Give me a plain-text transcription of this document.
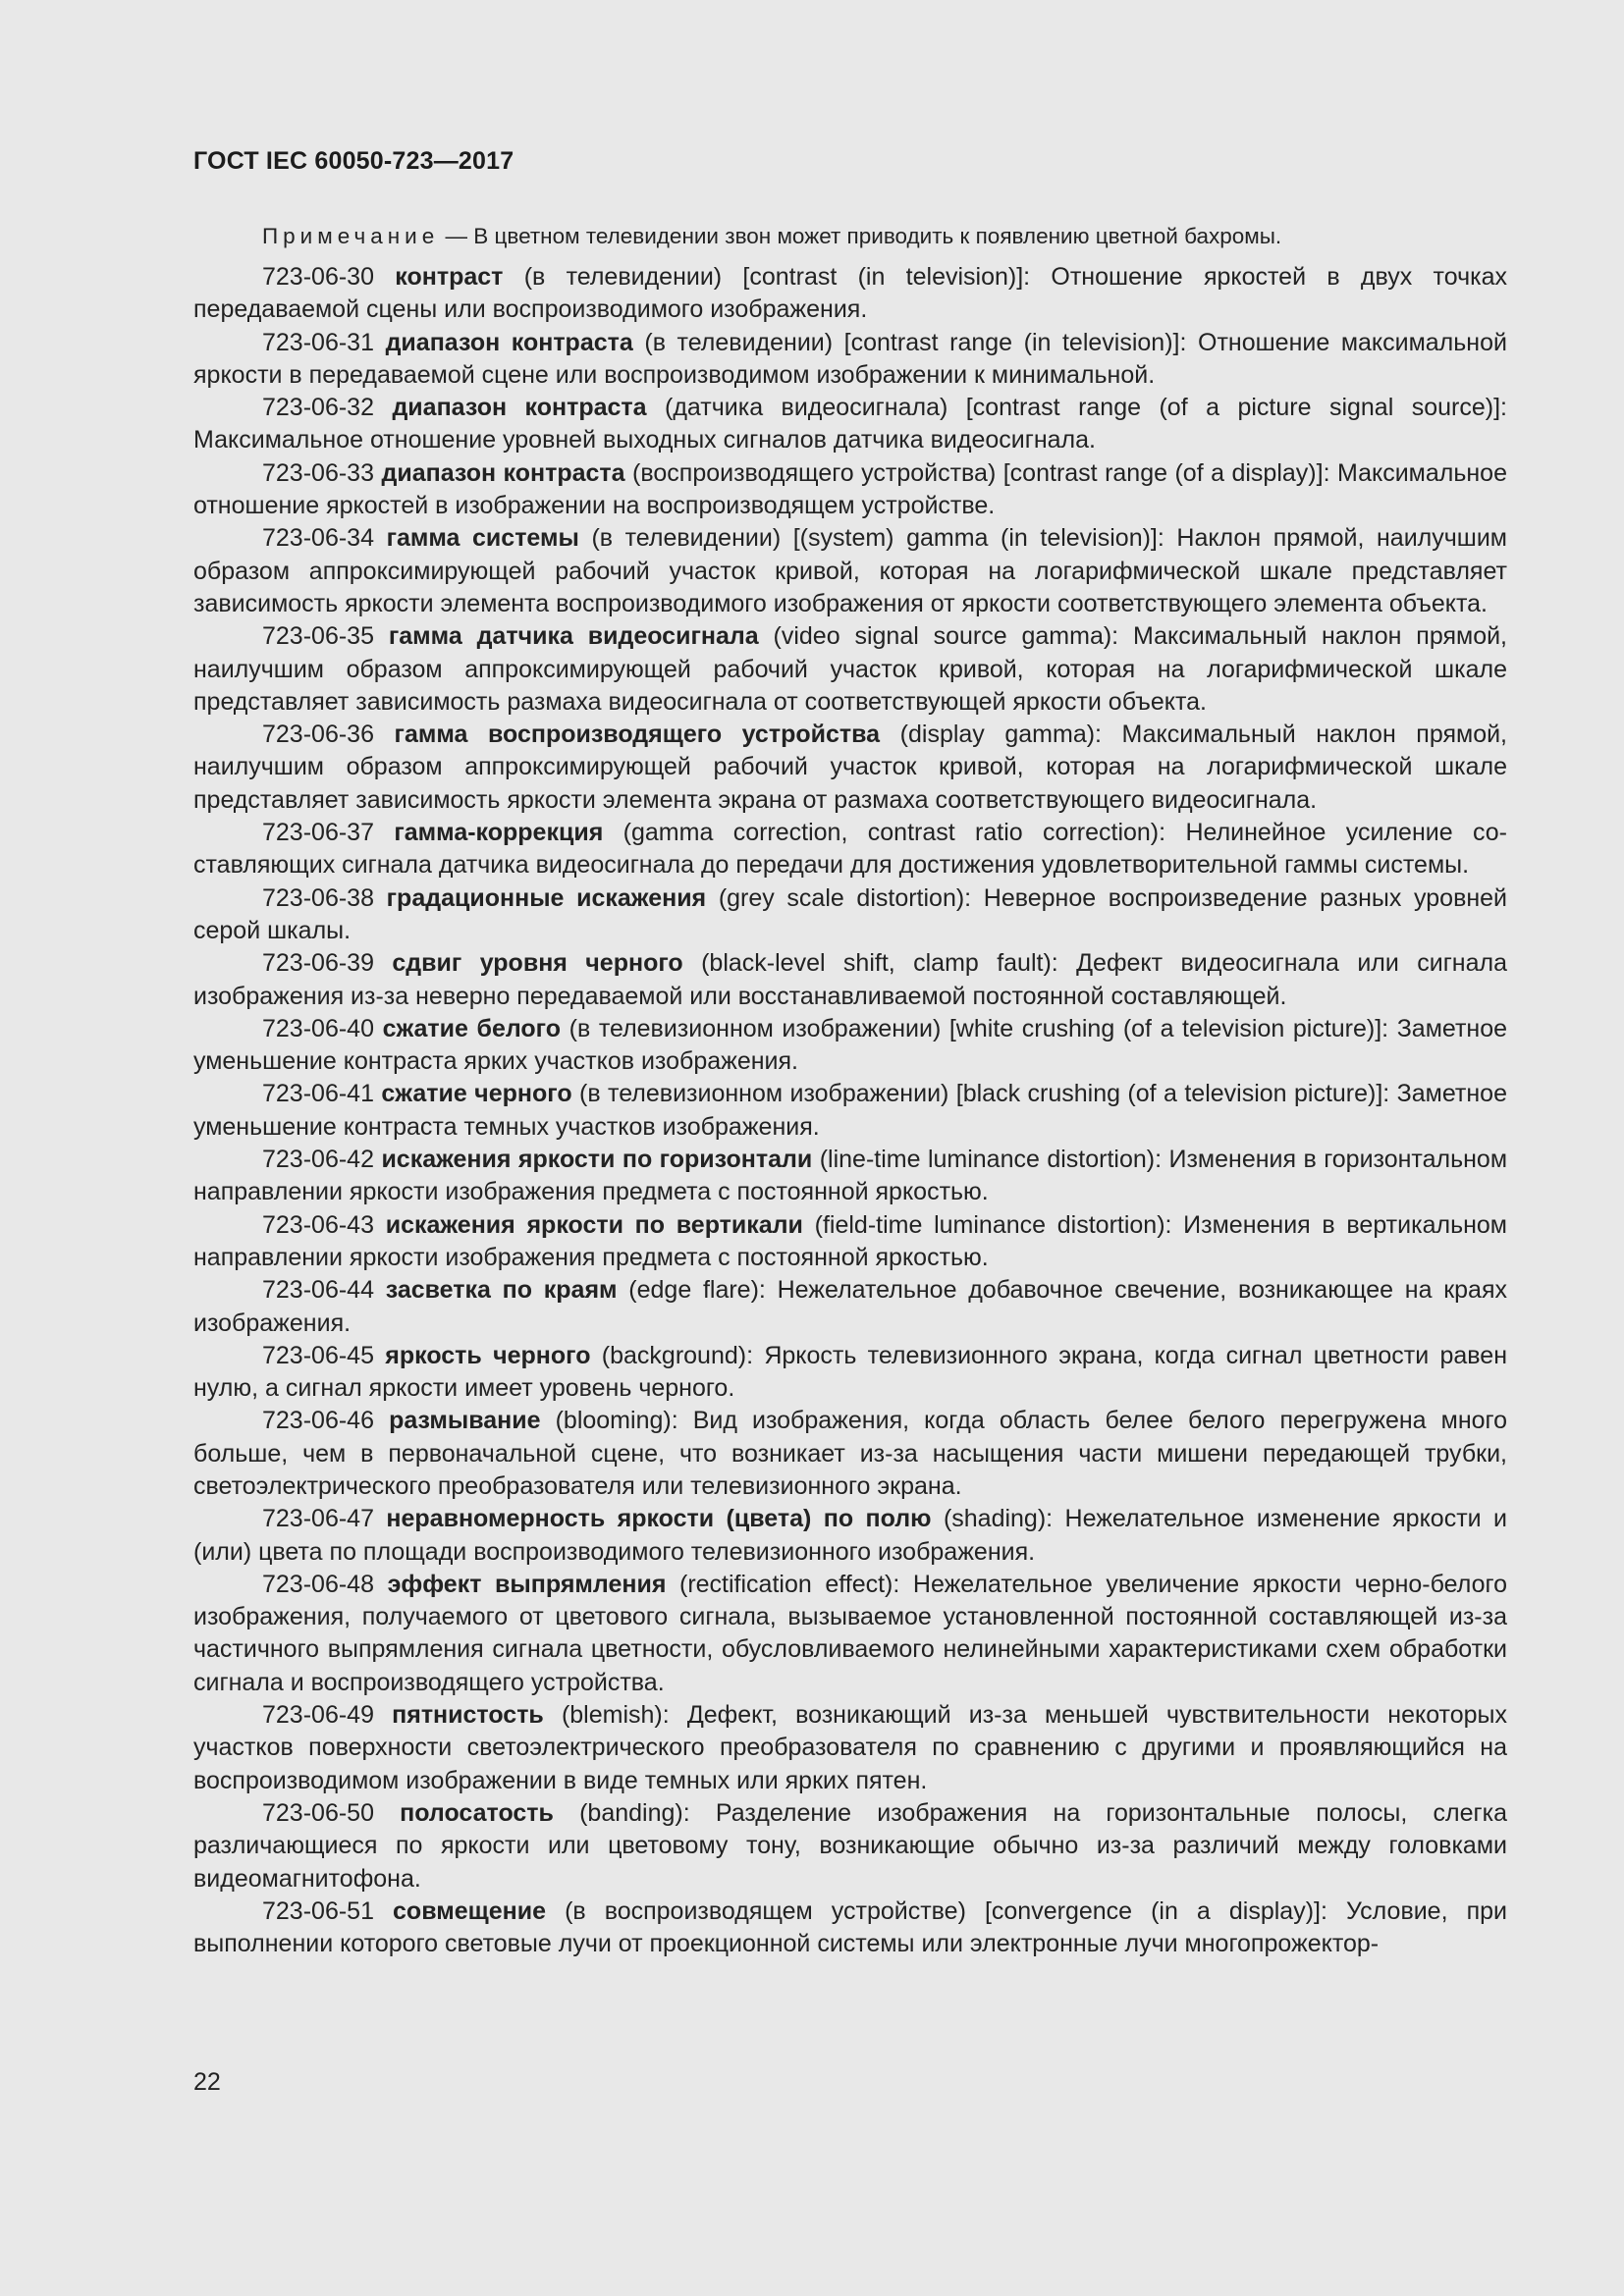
ГОСТ IEC 60050-723—2017

Примечание — В цветном телевидении звон может приводить к появлению цветной бахромы.

723-06-30 контраст (в телевидении) [contrast (in television)]: Отношение яркостей в двух точках передаваемой сцены или воспроизводимого изображения.

723-06-31 диапазон контраста (в телевидении) [contrast range (in television)]: Отношение максимальной яркости в передаваемой сцене или воспроизводимом изображении к минимальной.

723-06-32 диапазон контраста (датчика видеосигнала) [contrast range (of a picture signal source)]: Максимальное отношение уровней выходных сигналов датчика видеосигнала.

723-06-33 диапазон контраста (воспроизводящего устройства) [contrast range (of a display)]: Максимальное отношение яркостей в изображении на воспроизводящем устройстве.

723-06-34 гамма системы (в телевидении) [(system) gamma (in television)]: Наклон прямой, наилучшим образом аппроксимирующей рабочий участок кривой, которая на логарифмической шкале представляет зависимость яркости элемента воспроизводимого изображения от яркости соответствующего элемента объекта.

723-06-35 гамма датчика видеосигнала (video signal source gamma): Максимальный наклон прямой, наилучшим образом аппроксимирующей рабочий участок кривой, которая на логарифмической шкале представляет зависимость размаха видеосигнала от соответствующей яркости объекта.

723-06-36 гамма воспроизводящего устройства (display gamma): Максимальный наклон прямой, наилучшим образом аппроксимирующей рабочий участок кривой, которая на логарифмической шкале представляет зависимость яркости элемента экрана от размаха соответствующего видеосигнала.

723-06-37 гамма-коррекция (gamma correction, contrast ratio correction): Нелинейное усиление составляющих сигнала датчика видеосигнала до передачи для достижения удовлетворительной гаммы системы.

723-06-38 градационные искажения (grey scale distortion): Неверное воспроизведение разных уровней серой шкалы.

723-06-39 сдвиг уровня черного (black-level shift, clamp fault): Дефект видеосигнала или сигнала изображения из-за неверно передаваемой или восстанавливаемой постоянной составляющей.

723-06-40 сжатие белого (в телевизионном изображении) [white crushing (of a television picture)]: Заметное уменьшение контраста ярких участков изображения.

723-06-41 сжатие черного (в телевизионном изображении) [black crushing (of a television picture)]: Заметное уменьшение контраста темных участков изображения.

723-06-42 искажения яркости по горизонтали (line-time luminance distortion): Изменения в горизонтальном направлении яркости изображения предмета с постоянной яркостью.

723-06-43 искажения яркости по вертикали (field-time luminance distortion): Изменения в вертикальном направлении яркости изображения предмета с постоянной яркостью.

723-06-44 засветка по краям (edge flare): Нежелательное добавочное свечение, возникающее на краях изображения.

723-06-45 яркость черного (background): Яркость телевизионного экрана, когда сигнал цветности равен нулю, а сигнал яркости имеет уровень черного.

723-06-46 размывание (blooming): Вид изображения, когда область белее белого перегружена много больше, чем в первоначальной сцене, что возникает из-за насыщения части мишени передающей трубки, светоэлектрического преобразователя или телевизионного экрана.

723-06-47 неравномерность яркости (цвета) по полю (shading): Нежелательное изменение яркости и (или) цвета по площади воспроизводимого телевизионного изображения.

723-06-48 эффект выпрямления (rectification effect): Нежелательное увеличение яркости черно-белого изображения, получаемого от цветового сигнала, вызываемое установленной постоянной составляющей из-за частичного выпрямления сигнала цветности, обусловливаемого нелинейными характеристиками схем обработки сигнала и воспроизводящего устройства.

723-06-49 пятнистость (blemish): Дефект, возникающий из-за меньшей чувствительности некоторых участков поверхности светоэлектрического преобразователя по сравнению с другими и проявляющийся на воспроизводимом изображении в виде темных или ярких пятен.

723-06-50 полосатость (banding): Разделение изображения на горизонтальные полосы, слегка различающиеся по яркости или цветовому тону, возникающие обычно из-за различий между головками видеомагнитофона.

723-06-51 совмещение (в воспроизводящем устройстве) [convergence (in a display)]: Условие, при выполнении которого световые лучи от проекционной системы или электронные лучи многопрожектор-

22
